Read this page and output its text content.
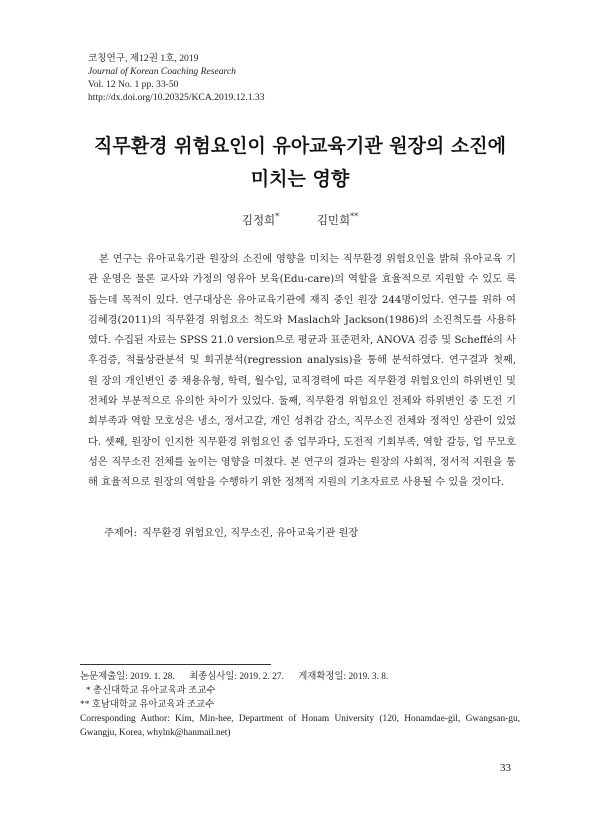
코칭연구, 제12권 1호, 2019
Journal of Korean Coaching Research
Vol. 12 No. 1 pp. 33-50
http://dx.doi.org/10.20325/KCA.2019.12.1.33
직무환경 위험요인이 유아교육기관 원장의 소진에
미치는 영향
김정희*	김민희**

본 연구는 유아교육기관 원장의 소진에 영향을 미치는 직무환경 위험요인을 밝혀 유아교육 기관 운영은 물론 교사와 가정의 영유아 보육(Edu-care)의 역할을 효율적으로 지원할 수 있도 록 돕는데 목적이 있다. 연구대상은 유아교육기관에 재직 중인 원장 244명이었다. 연구를 위하 여 김혜경(2011)의 직무환경 위험요소 척도와 Maslach와 Jackson(1986)의 소진척도를 사용하 였다. 수집된 자료는 SPSS 21.0 version으로 평균과 표준편차, ANOVA 검증 및 Scheffé의 사 후검증, 적률상관분석 및 회귀분석(regression analysis)을 통해 분석하였다. 연구결과 첫째, 원 장의 개인변인 중 채용유형, 학력, 월수입, 교직경력에 따른 직무환경 위험요인의 하위변인 및 전체와 부분적으로 유의한 차이가 있었다. 둘째, 직무환경 위험요인 전체와 하위변인 중 도전 기회부족과 역할 모호성은 냉소, 정서고갈, 개인 성취감 감소, 직무소진 전체와 정적인 상관이 있었다. 셋째, 원장이 인지한 직무환경 위험요인 중 업무과다, 도전적 기회부족, 역할 갈등, 업 무모호성은 직무소진 전체를 높이는 영향을 미쳤다. 본 연구의 결과는 원장의 사회적, 정서적 지원을 통해 효율적으로 원장의 역할을 수행하기 위한 정책적 지원의 기초자료로 사용될 수 있을 것이다.

주제어: 직무환경 위험요인, 직무소진, 유아교육기관 원장
논문제출일: 2019. 1. 28. 최종심사일: 2019. 2. 27. 게재확정일: 2019. 3. 8.
* 총신대학교 유아교육과 조교수
** 호남대학교 유아교육과 조교수
Corresponding Author: Kim, Min-hee, Department of Honam University (120, Honamdae-gil, Gwangsan-gu, Gwangju, Korea, whylnk@hanmail.net)
33
